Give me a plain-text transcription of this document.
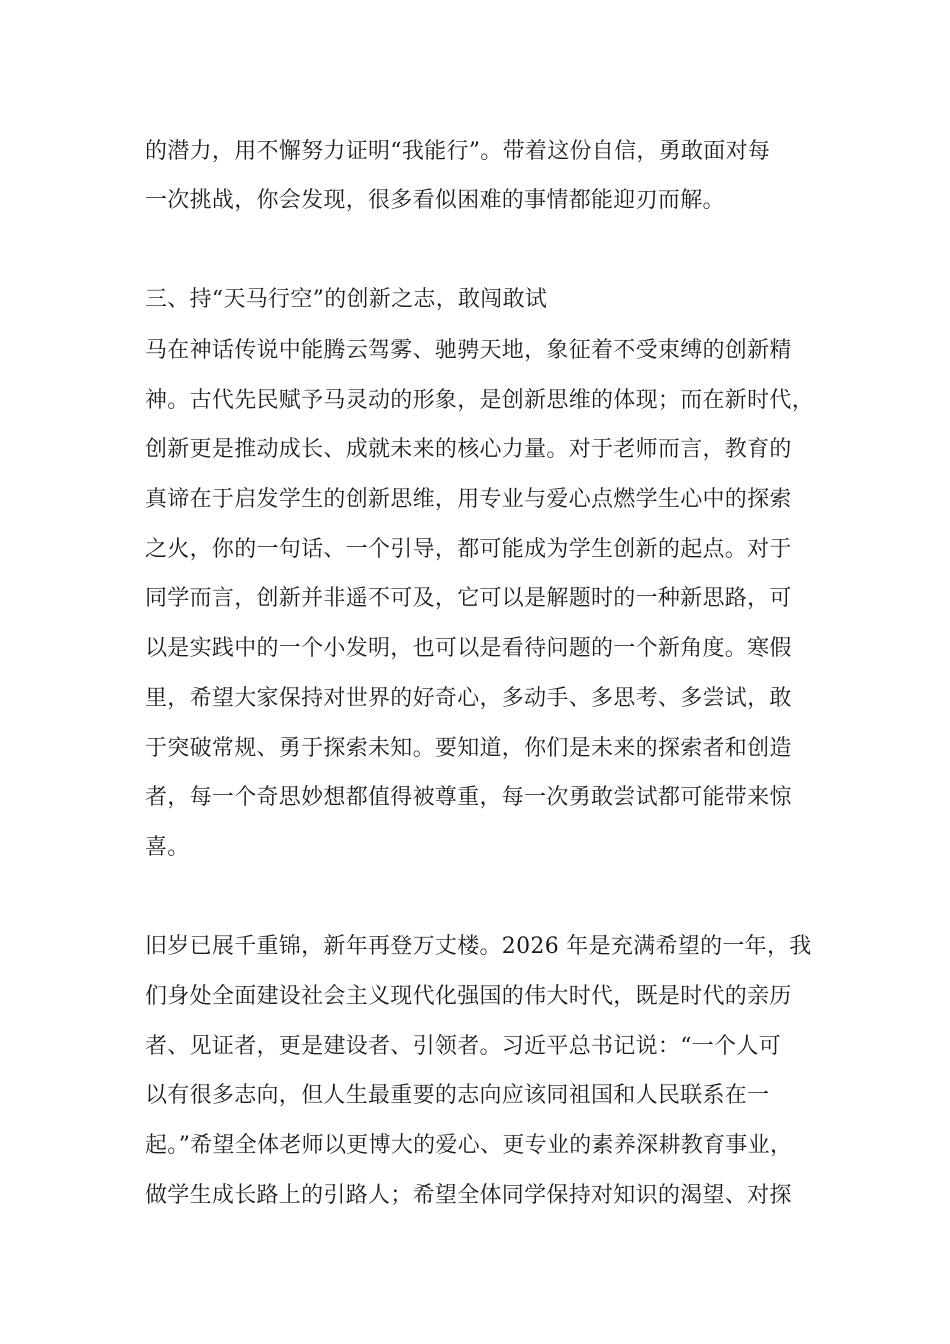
的潜力，用不懈努力证明“我能行”。带着这份自信，勇敢面对每
一次挑战，你会发现，很多看似困难的事情都能迎刃而解。
三、持“天马行空”的创新之志，敢闯敢试
马在神话传说中能腾云驾雾、驰骋天地，象征着不受束缚的创新精
神。古代先民赋予马灵动的形象，是创新思维的体现；而在新时代，
创新更是推动成长、成就未来的核心力量。对于老师而言，教育的
真谛在于启发学生的创新思维，用专业与爱心点燃学生心中的探索
之火，你的一句话、一个引导，都可能成为学生创新的起点。对于
同学而言，创新并非遥不可及，它可以是解题时的一种新思路，可
以是实践中的一个小发明，也可以是看待问题的一个新角度。寒假
里，希望大家保持对世界的好奇心，多动手、多思考、多尝试，敢
于突破常规、勇于探索未知。要知道，你们是未来的探索者和创造
者，每一个奇思妙想都值得被尊重，每一次勇敢尝试都可能带来惊
喜。
旧岁已展千重锦，新年再登万丈楼。2026 年是充满希望的一年，我
们身处全面建设社会主义现代化强国的伟大时代，既是时代的亲历
者、见证者，更是建设者、引领者。习近平总书记说：“一个人可
以有很多志向，但人生最重要的志向应该同祖国和人民联系在一
起。”希望全体老师以更博大的爱心、更专业的素养深耕教育事业，
做学生成长路上的引路人；希望全体同学保持对知识的渴望、对探
